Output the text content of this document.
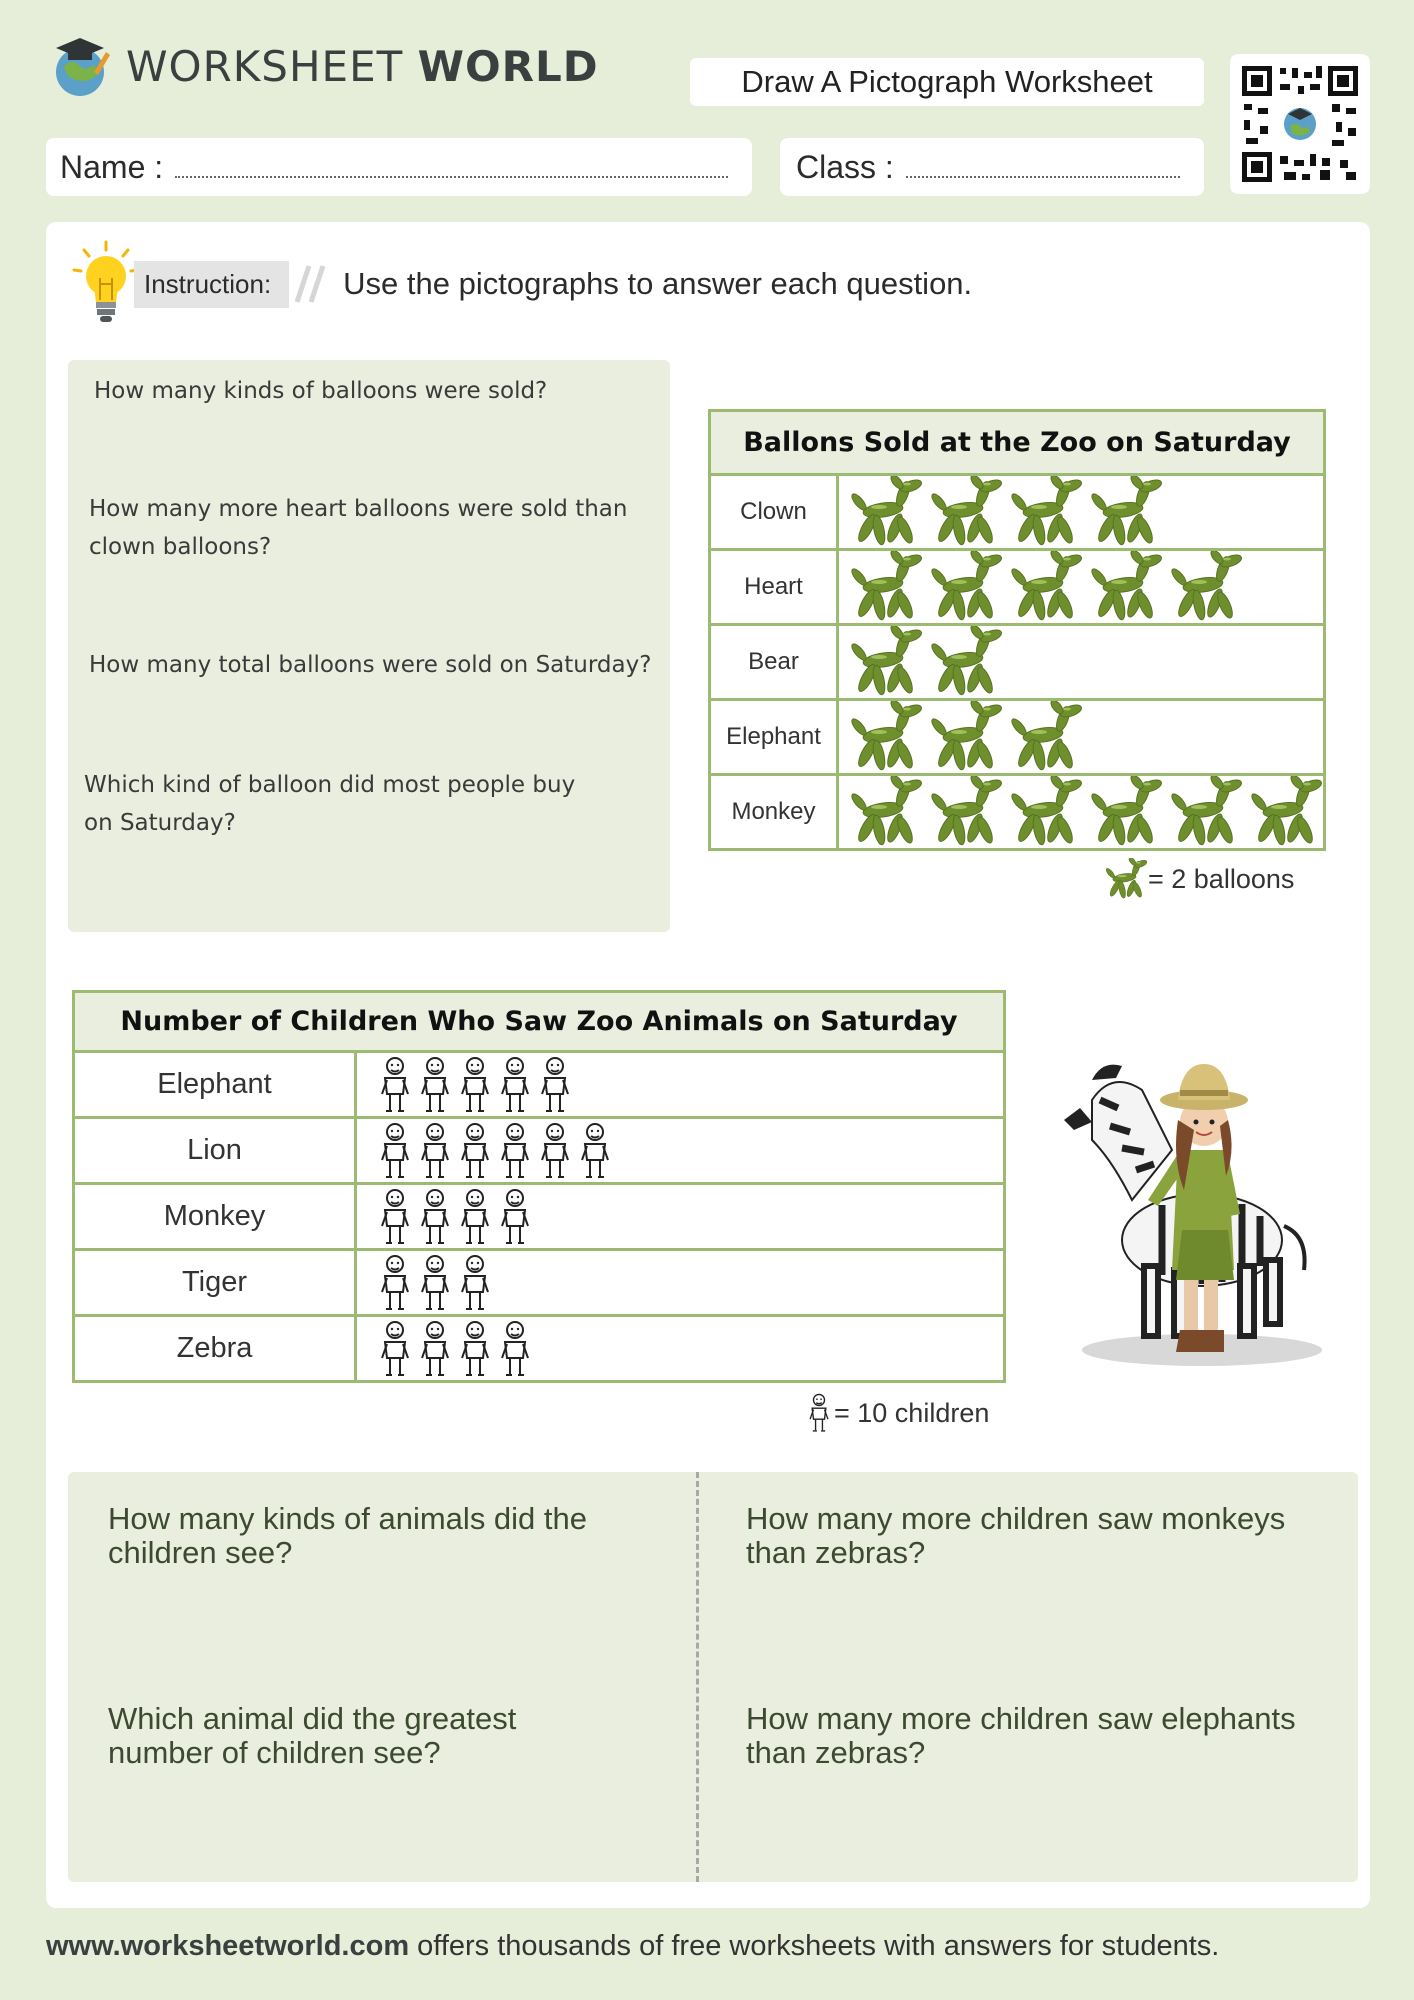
WORKSHEET WORLD	Draw A Pictograph Worksheet
Name :	Class :
Instruction:	Use the pictographs to answer each question.
How many kinds of balloons were sold?
How many more heart balloons were sold than clown balloons?
How many total balloons were sold on Saturday?
Which kind of balloon did most people buy on Saturday?
Ballons Sold at the Zoo on Saturday	
Clown	

Heart	

Bear	

Elephant	

Monkey	
= 2 balloons
Number of Children Who Saw Zoo Animals on Saturday	
Elephant	

Lion	

Monkey	

Tiger	

Zebra	
= 10 children
How many kinds of animals did the children see?
How many more children saw monkeys than zebras?
Which animal did the greatest number of children see?
How many more children saw elephants than zebras?
www.worksheetworld.com offers thousands of free worksheets with answers for students.
